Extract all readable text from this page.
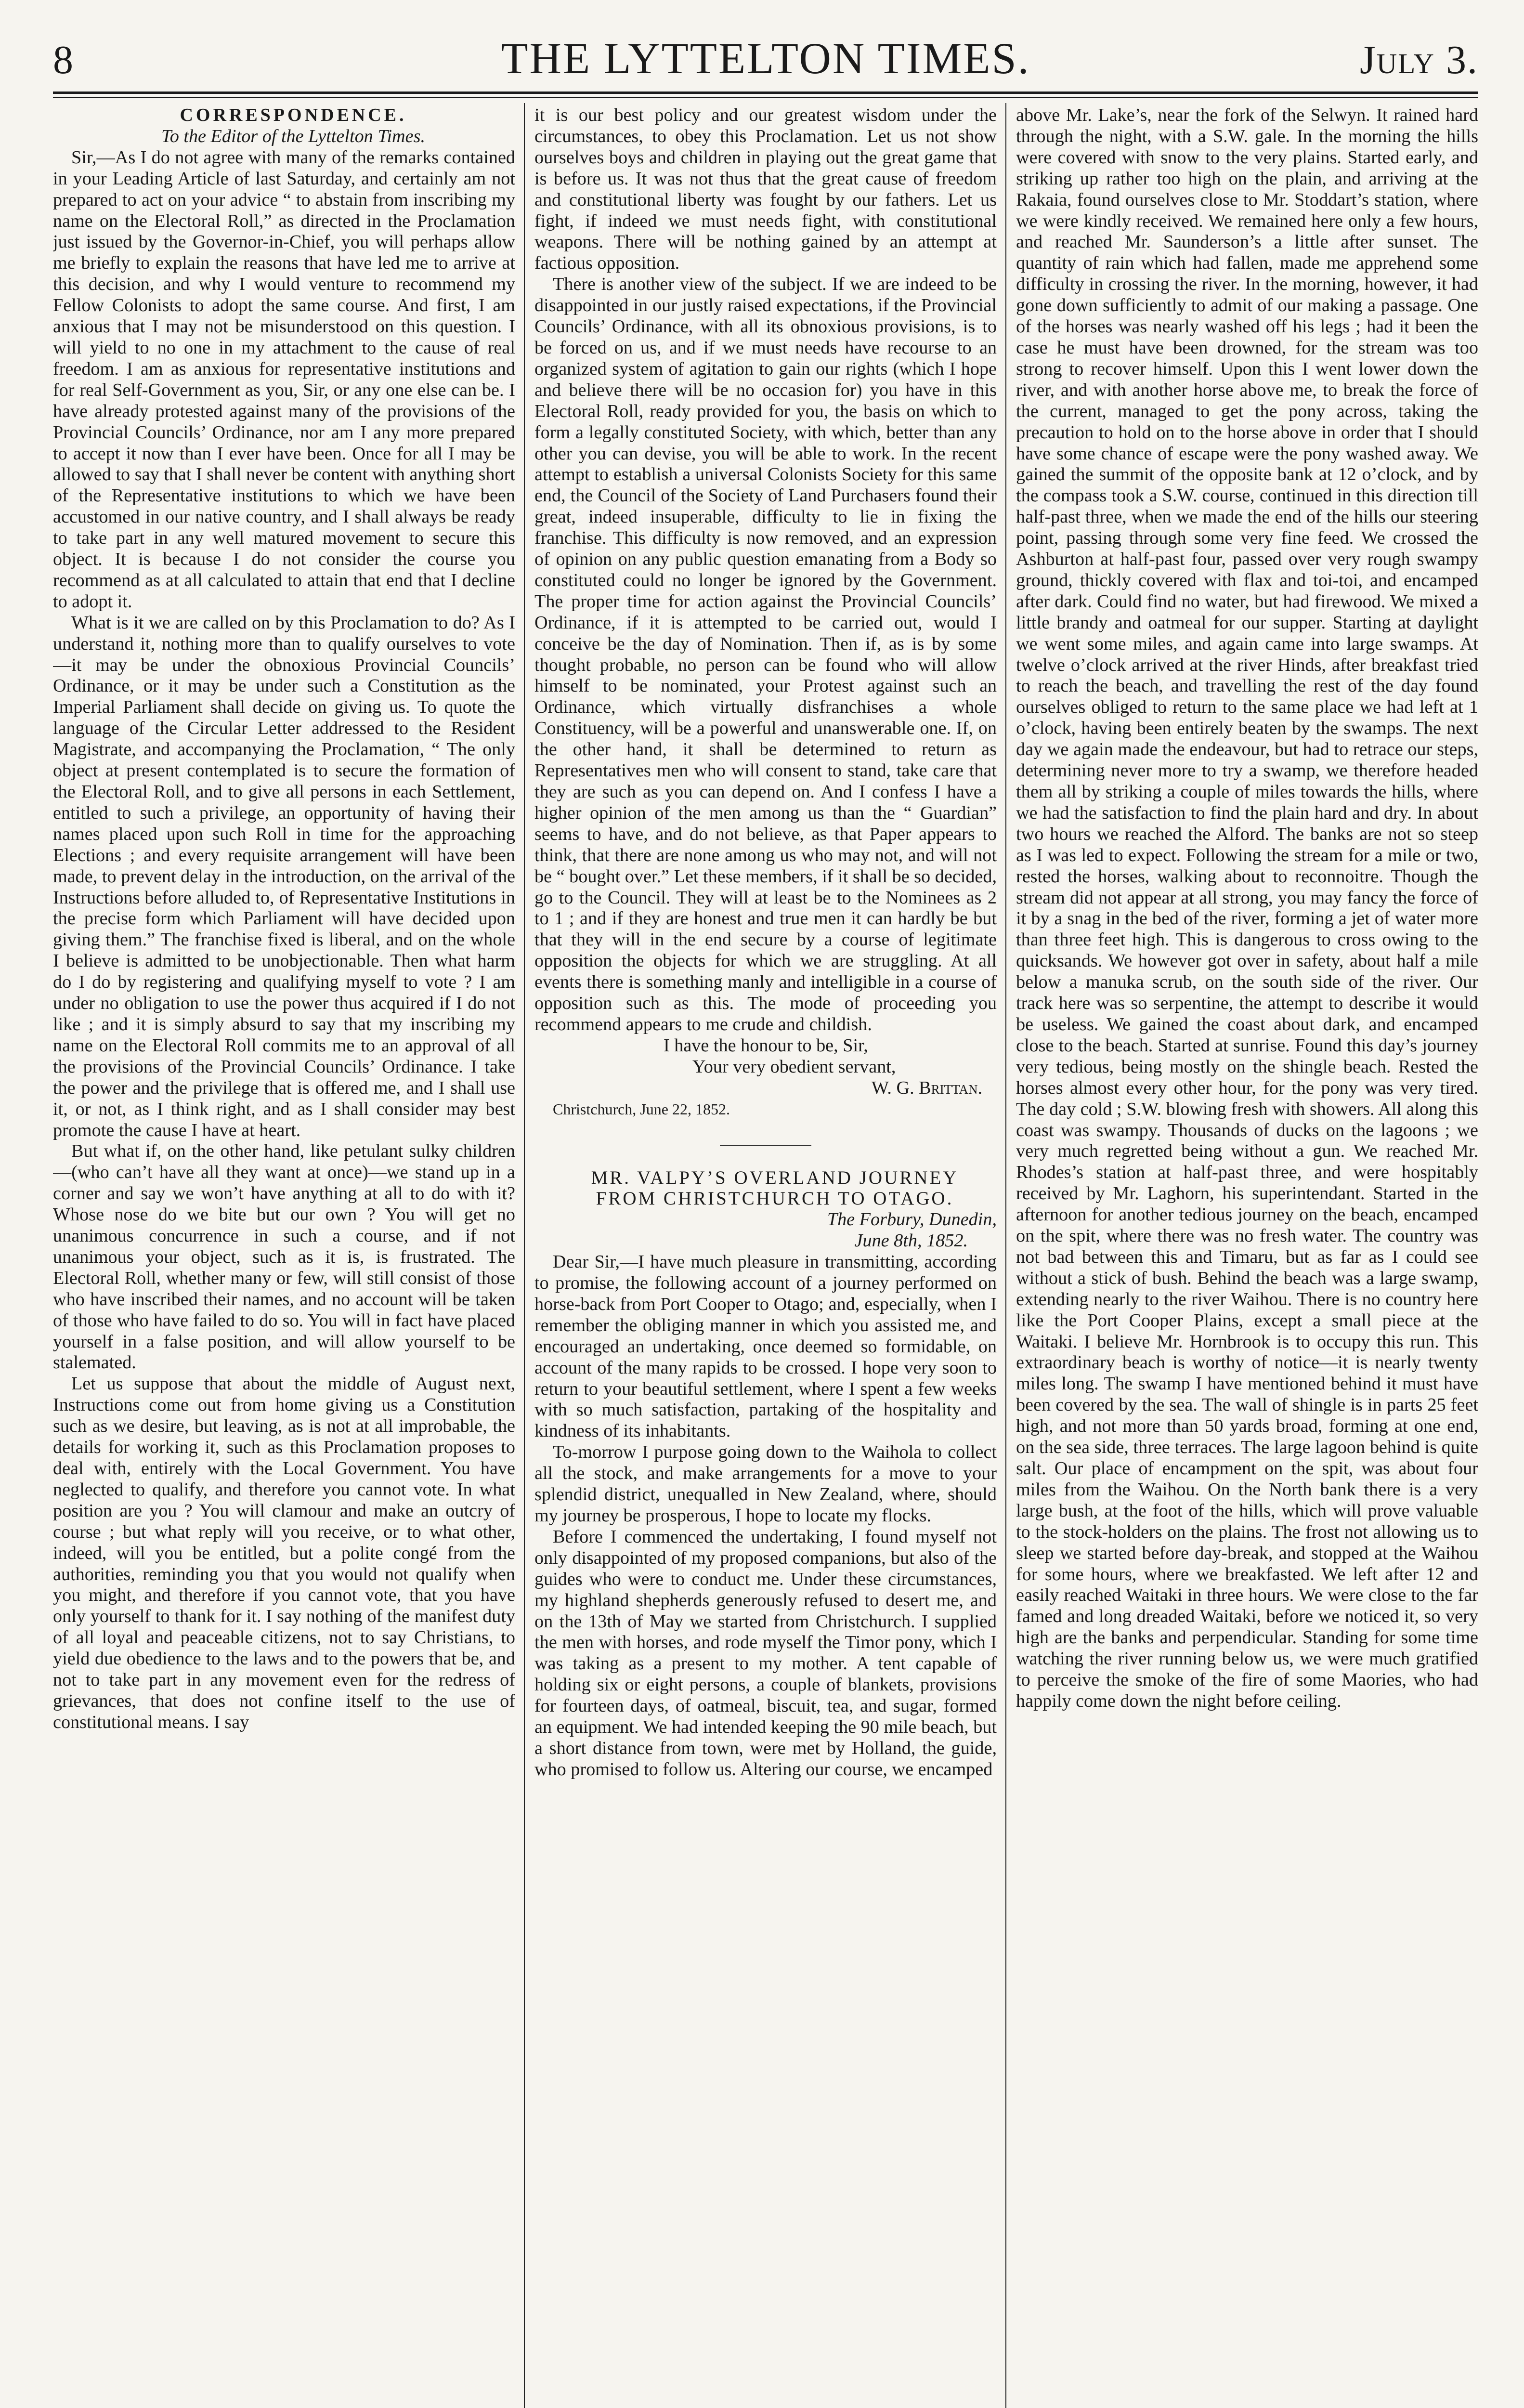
8	THE LYTTELTON TIMES.	July 3.

CORRESPONDENCE.

To the Editor of the Lyttelton Times.

Sir,—As I do not agree with many of the remarks contained in your Leading Article of last Saturday, and certainly am not prepared to act on your advice “ to abstain from inscribing my name on the Electoral Roll,” as directed in the Proclamation just issued by the Governor-in-Chief, you will perhaps allow me briefly to explain the reasons that have led me to arrive at this decision, and why I would venture to recommend my Fellow Colonists to adopt the same course. And first, I am anxious that I may not be misunderstood on this question. I will yield to no one in my attachment to the cause of real freedom. I am as anxious for representative institutions and for real Self-Government as you, Sir, or any one else can be. I have already protested against many of the provisions of the Provincial Councils’ Ordinance, nor am I any more prepared to accept it now than I ever have been. Once for all I may be allowed to say that I shall never be content with anything short of the Representative institutions to which we have been accustomed in our native country, and I shall always be ready to take part in any well matured movement to secure this object. It is because I do not consider the course you recommend as at all calculated to attain that end that I decline to adopt it.

What is it we are called on by this Proclamation to do? As I understand it, nothing more than to qualify ourselves to vote—it may be under the obnoxious Provincial Councils’ Ordinance, or it may be under such a Constitution as the Imperial Parliament shall decide on giving us. To quote the language of the Circular Letter addressed to the Resident Magistrate, and accompanying the Proclamation, “ The only object at present contemplated is to secure the formation of the Electoral Roll, and to give all persons in each Settlement, entitled to such a privilege, an opportunity of having their names placed upon such Roll in time for the approaching Elections ; and every requisite arrangement will have been made, to prevent delay in the introduction, on the arrival of the Instructions before alluded to, of Representative Institutions in the precise form which Parliament will have decided upon giving them.” The franchise fixed is liberal, and on the whole I believe is admitted to be unobjectionable. Then what harm do I do by registering and qualifying myself to vote ? I am under no obligation to use the power thus acquired if I do not like ; and it is simply absurd to say that my inscribing my name on the Electoral Roll commits me to an approval of all the provisions of the Provincial Councils’ Ordinance. I take the power and the privilege that is offered me, and I shall use it, or not, as I think right, and as I shall consider may best promote the cause I have at heart.

But what if, on the other hand, like petulant sulky children—(who can’t have all they want at once)—we stand up in a corner and say we won’t have anything at all to do with it? Whose nose do we bite but our own ? You will get no unanimous concurrence in such a course, and if not unanimous your object, such as it is, is frustrated. The Electoral Roll, whether many or few, will still consist of those who have inscribed their names, and no account will be taken of those who have failed to do so. You will in fact have placed yourself in a false position, and will allow yourself to be stalemated.

Let us suppose that about the middle of August next, Instructions come out from home giving us a Constitution such as we desire, but leaving, as is not at all improbable, the details for working it, such as this Proclamation proposes to deal with, entirely with the Local Government. You have neglected to qualify, and therefore you cannot vote. In what position are you ? You will clamour and make an outcry of course ; but what reply will you receive, or to what other, indeed, will you be entitled, but a polite congé from the authorities, reminding you that you would not qualify when you might, and therefore if you cannot vote, that you have only yourself to thank for it. I say nothing of the manifest duty of all loyal and peaceable citizens, not to say Christians, to yield due obedience to the laws and to the powers that be, and not to take part in any movement even for the redress of grievances, that does not confine itself to the use of constitutional means. I say

it is our best policy and our greatest wisdom under the circumstances, to obey this Proclamation. Let us not show ourselves boys and children in playing out the great game that is before us. It was not thus that the great cause of freedom and constitutional liberty was fought by our fathers. Let us fight, if indeed we must needs fight, with constitutional weapons. There will be nothing gained by an attempt at factious opposition.

There is another view of the subject. If we are indeed to be disappointed in our justly raised expectations, if the Provincial Councils’ Ordinance, with all its obnoxious provisions, is to be forced on us, and if we must needs have recourse to an organized system of agitation to gain our rights (which I hope and believe there will be no occasion for) you have in this Electoral Roll, ready provided for you, the basis on which to form a legally constituted Society, with which, better than any other you can devise, you will be able to work. In the recent attempt to establish a universal Colonists Society for this same end, the Council of the Society of Land Purchasers found their great, indeed insuperable, difficulty to lie in fixing the franchise. This difficulty is now removed, and an expression of opinion on any public question emanating from a Body so constituted could no longer be ignored by the Government. The proper time for action against the Provincial Councils’ Ordinance, if it is attempted to be carried out, would I conceive be the day of Nomination. Then if, as is by some thought probable, no person can be found who will allow himself to be nominated, your Protest against such an Ordinance, which virtually disfranchises a whole Constituency, will be a powerful and unanswerable one. If, on the other hand, it shall be determined to return as Representatives men who will consent to stand, take care that they are such as you can depend on. And I confess I have a higher opinion of the men among us than the “ Guardian” seems to have, and do not believe, as that Paper appears to think, that there are none among us who may not, and will not be “ bought over.” Let these members, if it shall be so decided, go to the Council. They will at least be to the Nominees as 2 to 1 ; and if they are honest and true men it can hardly be but that they will in the end secure by a course of legitimate opposition the objects for which we are struggling. At all events there is something manly and intelligible in a course of opposition such as this. The mode of proceeding you recommend appears to me crude and childish.

I have the honour to be, Sir,

Your very obedient servant,

W. G. Brittan.

Christchurch, June 22, 1852.

MR. VALPY’S OVERLAND JOURNEY

FROM CHRISTCHURCH TO OTAGO.

The Forbury, Dunedin,

June 8th, 1852.

Dear Sir,—I have much pleasure in transmitting, according to promise, the following account of a journey performed on horse-back from Port Cooper to Otago; and, especially, when I remember the obliging manner in which you assisted me, and encouraged an undertaking, once deemed so formidable, on account of the many rapids to be crossed. I hope very soon to return to your beautiful settlement, where I spent a few weeks with so much satisfaction, partaking of the hospitality and kindness of its inhabitants.

To-morrow I purpose going down to the Waihola to collect all the stock, and make arrangements for a move to your splendid district, unequalled in New Zealand, where, should my journey be prosperous, I hope to locate my flocks.

Before I commenced the undertaking, I found myself not only disappointed of my proposed companions, but also of the guides who were to conduct me. Under these circumstances, my highland shepherds generously refused to desert me, and on the 13th of May we started from Christchurch. I supplied the men with horses, and rode myself the Timor pony, which I was taking as a present to my mother. A tent capable of holding six or eight persons, a couple of blankets, provisions for fourteen days, of oatmeal, biscuit, tea, and sugar, formed an equipment. We had intended keeping the 90 mile beach, but a short distance from town, were met by Holland, the guide, who promised to follow us. Altering our course, we encamped

above Mr. Lake’s, near the fork of the Selwyn. It rained hard through the night, with a S.W. gale. In the morning the hills were covered with snow to the very plains. Started early, and striking up rather too high on the plain, and arriving at the Rakaia, found ourselves close to Mr. Stoddart’s station, where we were kindly received. We remained here only a few hours, and reached Mr. Saunderson’s a little after sunset. The quantity of rain which had fallen, made me apprehend some difficulty in crossing the river. In the morning, however, it had gone down sufficiently to admit of our making a passage. One of the horses was nearly washed off his legs ; had it been the case he must have been drowned, for the stream was too strong to recover himself. Upon this I went lower down the river, and with another horse above me, to break the force of the current, managed to get the pony across, taking the precaution to hold on to the horse above in order that I should have some chance of escape were the pony washed away. We gained the summit of the opposite bank at 12 o’clock, and by the compass took a S.W. course, continued in this direction till half-past three, when we made the end of the hills our steering point, passing through some very fine feed. We crossed the Ashburton at half-past four, passed over very rough swampy ground, thickly covered with flax and toi-toi, and encamped after dark. Could find no water, but had firewood. We mixed a little brandy and oatmeal for our supper. Starting at daylight we went some miles, and again came into large swamps. At twelve o’clock arrived at the river Hinds, after breakfast tried to reach the beach, and travelling the rest of the day found ourselves obliged to return to the same place we had left at 1 o’clock, having been entirely beaten by the swamps. The next day we again made the endeavour, but had to retrace our steps, determining never more to try a swamp, we therefore headed them all by striking a couple of miles towards the hills, where we had the satisfaction to find the plain hard and dry. In about two hours we reached the Alford. The banks are not so steep as I was led to expect. Following the stream for a mile or two, rested the horses, walking about to reconnoitre. Though the stream did not appear at all strong, you may fancy the force of it by a snag in the bed of the river, forming a jet of water more than three feet high. This is dangerous to cross owing to the quicksands. We however got over in safety, about half a mile below a manuka scrub, on the south side of the river. Our track here was so serpentine, the attempt to describe it would be useless. We gained the coast about dark, and encamped close to the beach. Started at sunrise. Found this day’s journey very tedious, being mostly on the shingle beach. Rested the horses almost every other hour, for the pony was very tired. The day cold ; S.W. blowing fresh with showers. All along this coast was swampy. Thousands of ducks on the lagoons ; we very much regretted being without a gun. We reached Mr. Rhodes’s station at half-past three, and were hospitably received by Mr. Laghorn, his superintendant. Started in the afternoon for another tedious journey on the beach, encamped on the spit, where there was no fresh water. The country was not bad between this and Timaru, but as far as I could see without a stick of bush. Behind the beach was a large swamp, extending nearly to the river Waihou. There is no country here like the Port Cooper Plains, except a small piece at the Waitaki. I believe Mr. Hornbrook is to occupy this run. This extraordinary beach is worthy of notice—it is nearly twenty miles long. The swamp I have mentioned behind it must have been covered by the sea. The wall of shingle is in parts 25 feet high, and not more than 50 yards broad, forming at one end, on the sea side, three terraces. The large lagoon behind is quite salt. Our place of encampment on the spit, was about four miles from the Waihou. On the North bank there is a very large bush, at the foot of the hills, which will prove valuable to the stock-holders on the plains. The frost not allowing us to sleep we started before day-break, and stopped at the Waihou for some hours, where we breakfasted. We left after 12 and easily reached Waitaki in three hours. We were close to the far famed and long dreaded Waitaki, before we noticed it, so very high are the banks and perpendicular. Standing for some time watching the river running below us, we were much gratified to perceive the smoke of the fire of some Maories, who had happily come down the night before ceiling.
